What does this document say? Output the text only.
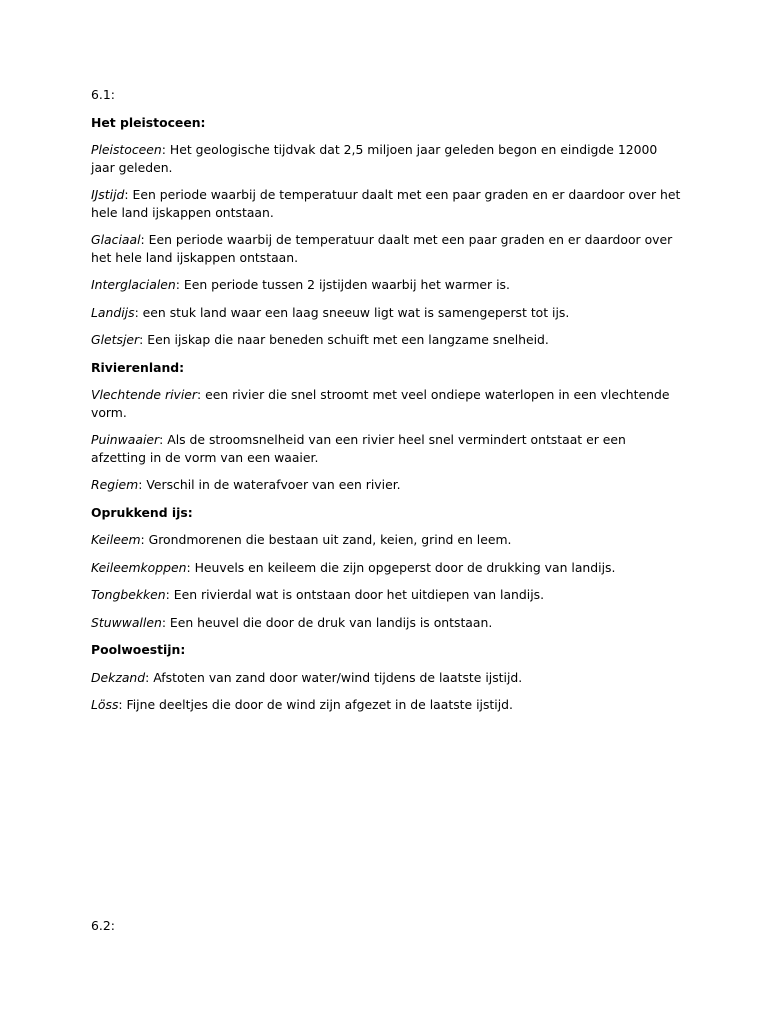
6.1:

Het pleistoceen:

Pleistoceen: Het geologische tijdvak dat 2,5 miljoen jaar geleden begon en eindigde 12000 jaar geleden.

IJstijd: Een periode waarbij de temperatuur daalt met een paar graden en er daardoor over het hele land ijskappen ontstaan.

Glaciaal: Een periode waarbij de temperatuur daalt met een paar graden en er daardoor over het hele land ijskappen ontstaan.

Interglacialen: Een periode tussen 2 ijstijden waarbij het warmer is.

Landijs: een stuk land waar een laag sneeuw ligt wat is samengeperst tot ijs.

Gletsjer: Een ijskap die naar beneden schuift met een langzame snelheid.

Rivierenland:

Vlechtende rivier: een rivier die snel stroomt met veel ondiepe waterlopen in een vlechtende vorm.

Puinwaaier: Als de stroomsnelheid van een rivier heel snel vermindert ontstaat er een afzetting in de vorm van een waaier.

Regiem: Verschil in de waterafvoer van een rivier.

Oprukkend ijs:

Keileem: Grondmorenen die bestaan uit zand, keien, grind en leem.

Keileemkoppen: Heuvels en keileem die zijn opgeperst door de drukking van landijs.

Tongbekken: Een rivierdal wat is ontstaan door het uitdiepen van landijs.

Stuwwallen: Een heuvel die door de druk van landijs is ontstaan.

Poolwoestijn:

Dekzand: Afstoten van zand door water/wind tijdens de laatste ijstijd.

Löss: Fijne deeltjes die door de wind zijn afgezet in de laatste ijstijd.

6.2:
